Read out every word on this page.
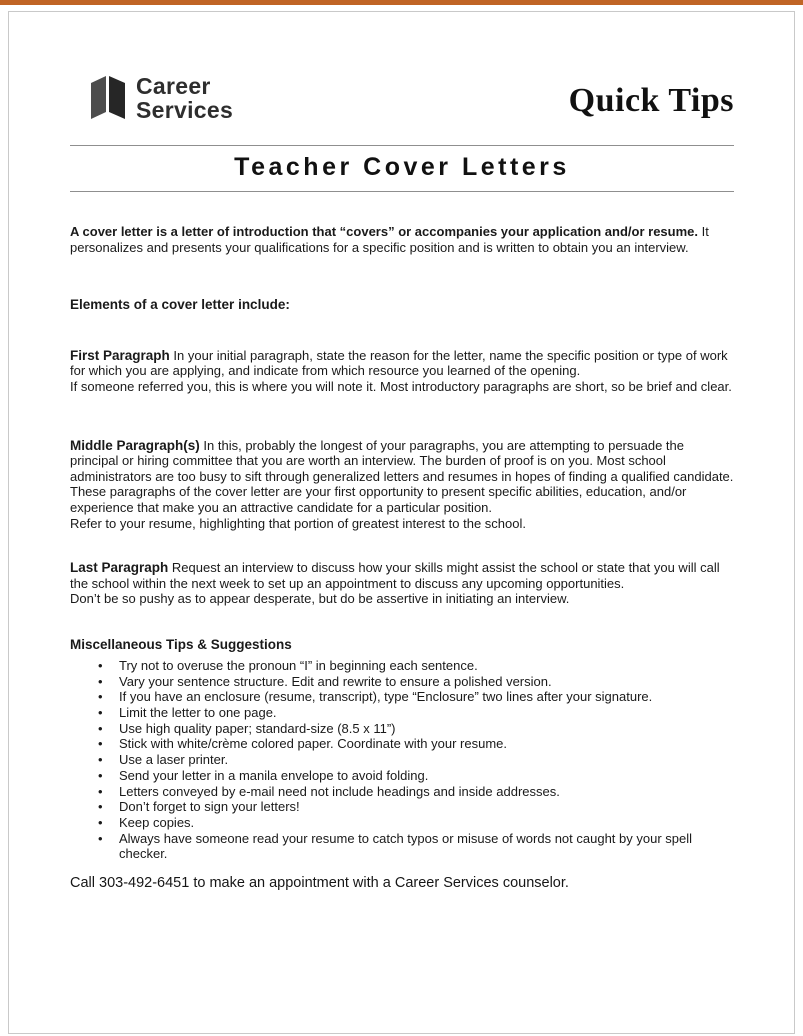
Career
Services	Quick Tips
Teacher Cover Letters

A cover letter is a letter of introduction that “covers” or accompanies your application and/or resume. It personalizes and presents your qualifications for a specific position and is written to obtain you an interview.

Elements of a cover letter include:

First Paragraph In your initial paragraph, state the reason for the letter, name the specific position or type of work for which you are applying, and indicate from which resource you learned of the opening.

If someone referred you, this is where you will note it. Most introductory paragraphs are short, so be brief and clear.

Middle Paragraph(s) In this, probably the longest of your paragraphs, you are attempting to persuade the principal or hiring committee that you are worth an interview. The burden of proof is on you. Most school administrators are too busy to sift through generalized letters and resumes in hopes of finding a qualified candidate. These paragraphs of the cover letter are your first opportunity to present specific abilities, education, and/or experience that make you an attractive candidate for a particular position.

Refer to your resume, highlighting that portion of greatest interest to the school.

Last Paragraph Request an interview to discuss how your skills might assist the school or state that you will call the school within the next week to set up an appointment to discuss any upcoming opportunities.

Don’t be so pushy as to appear desperate, but do be assertive in initiating an interview.

Miscellaneous Tips & Suggestions

• Try not to overuse the pronoun “I” in beginning each sentence.
• Vary your sentence structure. Edit and rewrite to ensure a polished version.
• If you have an enclosure (resume, transcript), type “Enclosure” two lines after your signature.
• Limit the letter to one page.
• Use high quality paper; standard-size (8.5 x 11”)
• Stick with white/crème colored paper. Coordinate with your resume.
• Use a laser printer.
• Send your letter in a manila envelope to avoid folding.
• Letters conveyed by e-mail need not include headings and inside addresses.
• Don’t forget to sign your letters!
• Keep copies.
• Always have someone read your resume to catch typos or misuse of words not caught by your spell checker.

Call 303-492-6451 to make an appointment with a Career Services counselor.
